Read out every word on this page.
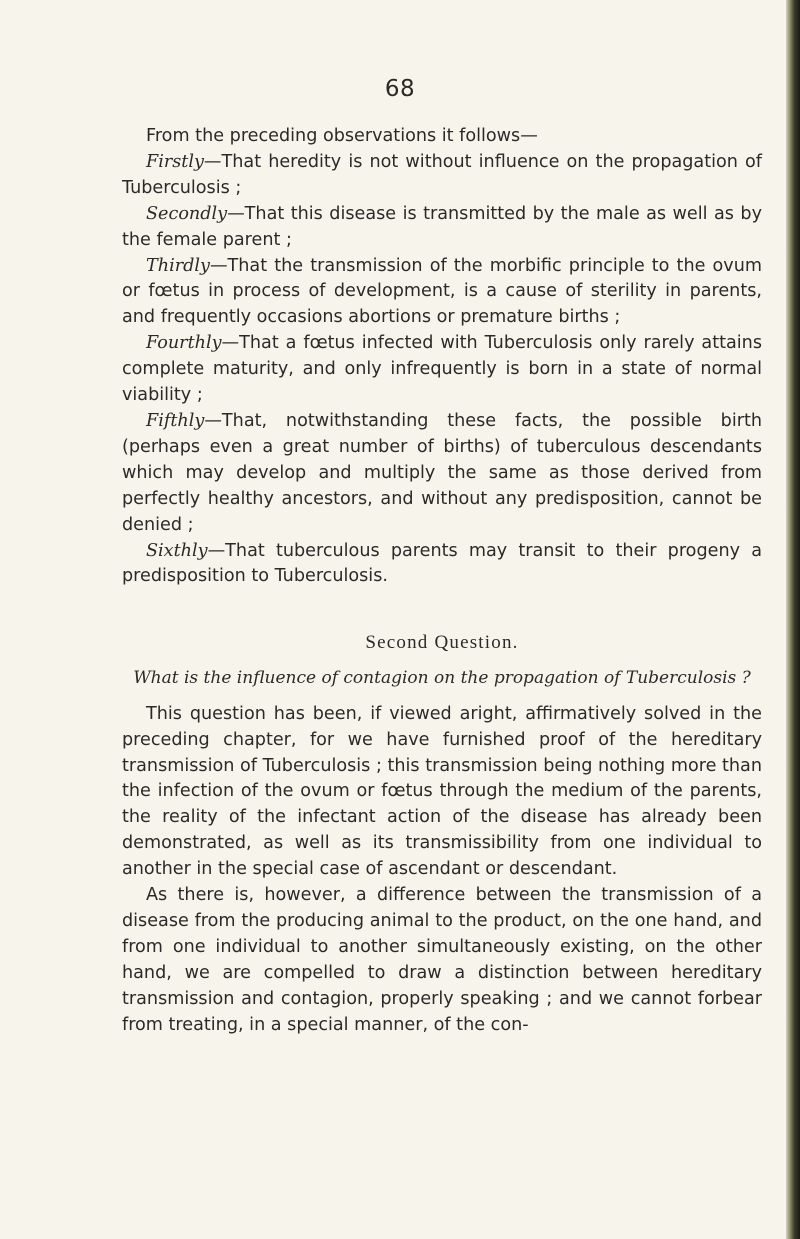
68

From the preceding observations it follows—

Firstly—That heredity is not without influence on the propagation of Tuberculosis ;

Secondly—That this disease is transmitted by the male as well as by the female parent ;

Thirdly—That the transmission of the morbific principle to the ovum or fœtus in process of development, is a cause of sterility in parents, and frequently occasions abortions or premature births ;

Fourthly—That a fœtus infected with Tuberculosis only rarely attains complete maturity, and only infrequently is born in a state of normal viability ;

Fifthly—That, notwithstanding these facts, the possible birth (perhaps even a great number of births) of tuberculous descendants which may develop and multiply the same as those derived from perfectly healthy ancestors, and without any predisposition, cannot be denied ;

Sixthly—That tuberculous parents may transit to their progeny a predisposition to Tuberculosis.

Second Question.

What is the influence of contagion on the propagation of Tuberculosis ?

This question has been, if viewed aright, affirmatively solved in the preceding chapter, for we have furnished proof of the hereditary transmission of Tuberculosis ; this transmission being nothing more than the infection of the ovum or fœtus through the medium of the parents, the reality of the infectant action of the disease has already been demonstrated, as well as its transmissibility from one individual to another in the special case of ascendant or descendant.

As there is, however, a difference between the transmission of a disease from the producing animal to the product, on the one hand, and from one individual to another simultaneously existing, on the other hand, we are compelled to draw a distinction between hereditary transmission and contagion, properly speaking ; and we cannot forbear from treating, in a special manner, of the con-
